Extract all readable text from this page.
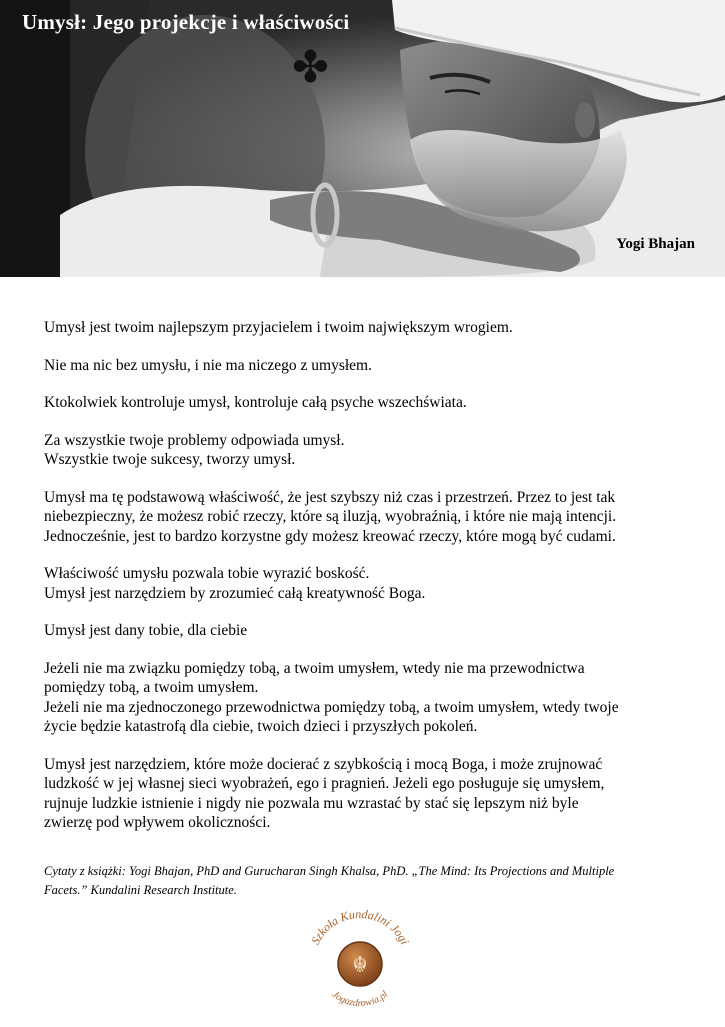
✤
Umysł: Jego projekcje i właściwości
Yogi Bhajan

Umysł jest twoim najlepszym przyjacielem i twoim największym wrogiem.

Nie ma nic bez umysłu, i nie ma niczego z umysłem.

Ktokolwiek kontroluje umysł, kontroluje całą psyche wszechświata.

Za wszystkie twoje problemy odpowiada umysł.
Wszystkie twoje sukcesy, tworzy umysł.

Umysł ma tę podstawową właściwość, że jest szybszy niż czas i przestrzeń. Przez to jest tak
niebezpieczny, że możesz robić rzeczy, które są iluzją, wyobraźnią, i które nie mają intencji.
Jednocześnie, jest to bardzo korzystne gdy możesz kreować rzeczy, które mogą być cudami.

Właściwość umysłu pozwala tobie wyrazić boskość.
Umysł jest narzędziem by zrozumieć całą kreatywność Boga.

Umysł jest dany tobie, dla ciebie

Jeżeli nie ma związku pomiędzy tobą, a twoim umysłem, wtedy nie ma przewodnictwa
pomiędzy tobą, a twoim umysłem.
Jeżeli nie ma zjednoczonego przewodnictwa pomiędzy tobą, a twoim umysłem, wtedy twoje
życie będzie katastrofą dla ciebie, twoich dzieci i przyszłych pokoleń.

Umysł jest narzędziem, które może docierać z szybkością i mocą Boga, i może zrujnować
ludzkość w jej własnej sieci wyobrażeń, ego i pragnień. Jeżeli ego posługuje się umysłem,
rujnuje ludzkie istnienie i nigdy nie pozwala mu wzrastać by stać się lepszym niż byle
zwierzę pod wpływem okoliczności.

Cytaty z książki: Yogi Bhajan, PhD and Gurucharan Singh Khalsa, PhD. „The Mind: Its Projections and Multiple
Facets.” Kundalini Research Institute.
☬
Szkoła Kundalini Jogi
Jogazdrowia.pl
